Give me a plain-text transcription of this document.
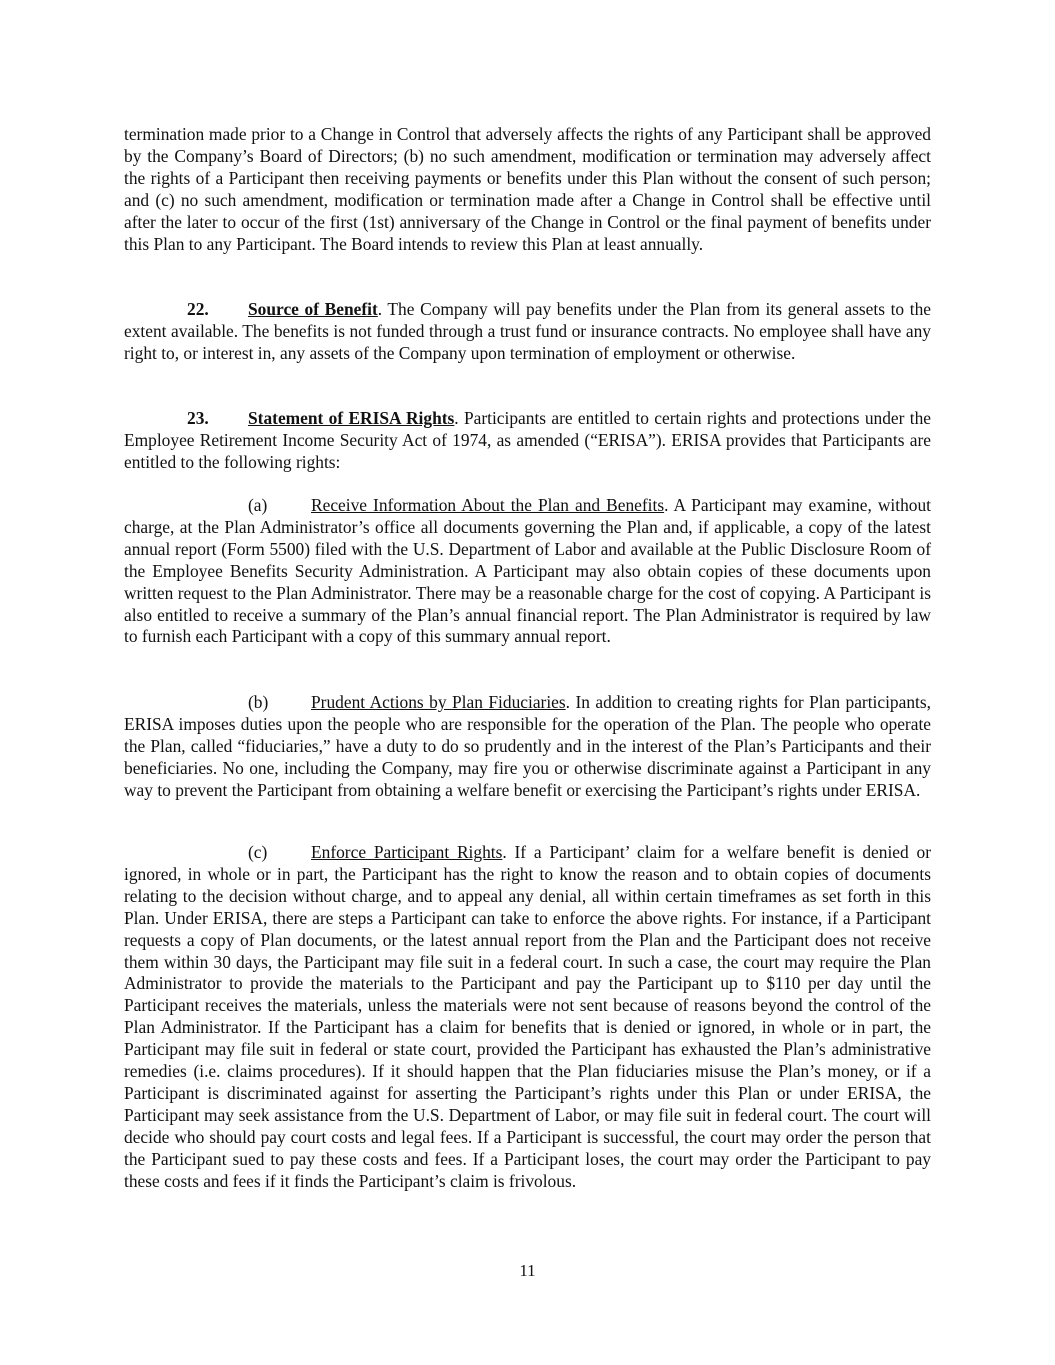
termination made prior to a Change in Control that adversely affects the rights of any Participant shall be approved by the Company’s Board of Directors; (b) no such amendment, modification or termination may adversely affect the rights of a Participant then receiving payments or benefits under this Plan without the consent of such person; and (c) no such amendment, modification or termination made after a Change in Control shall be effective until after the later to occur of the first (1st) anniversary of the Change in Control or the final payment of benefits under this Plan to any Participant. The Board intends to review this Plan at least annually.

22. Source of Benefit. The Company will pay benefits under the Plan from its general assets to the extent available. The benefits is not funded through a trust fund or insurance contracts. No employee shall have any right to, or interest in, any assets of the Company upon termination of employment or otherwise.

23. Statement of ERISA Rights. Participants are entitled to certain rights and protections under the Employee Retirement Income Security Act of 1974, as amended (“ERISA”). ERISA provides that Participants are entitled to the following rights:

(a)	Receive Information About the Plan and Benefits. A Participant may examine, without charge, at the Plan Administrator’s office all documents governing the Plan and, if applicable, a copy of the latest annual report (Form 5500) filed with the U.S. Department of Labor and available at the Public Disclosure Room of the Employee Benefits Security Administration. A Participant may also obtain copies of these documents upon written request to the Plan Administrator. There may be a reasonable charge for the cost of copying. A Participant is also entitled to receive a summary of the Plan’s annual financial report. The Plan Administrator is required by law to furnish each Participant with a copy of this summary annual report.

(b) Prudent Actions by Plan Fiduciaries. In addition to creating rights for Plan participants, ERISA imposes duties upon the people who are responsible for the operation of the Plan. The people who operate the Plan, called “fiduciaries,” have a duty to do so prudently and in the interest of the Plan’s Participants and their beneficiaries. No one, including the Company, may fire you or otherwise discriminate against a Participant in any way to prevent the Participant from obtaining a welfare benefit or exercising the Participant’s rights under ERISA.

(c)	Enforce Participant Rights. If a Participant’ claim for a welfare benefit is denied or ignored, in whole or in part, the Participant has the right to know the reason and to obtain copies of documents relating to the decision without charge, and to appeal any denial, all within certain timeframes as set forth in this Plan. Under ERISA, there are steps a Participant can take to enforce the above rights. For instance, if a Participant requests a copy of Plan documents, or the latest annual report from the Plan and the Participant does not receive them within 30 days, the Participant may file suit in a federal court. In such a case, the court may require the Plan Administrator to provide the materials to the Participant and pay the Participant up to $110 per day until the Participant receives the materials, unless the materials were not sent because of reasons beyond the control of the Plan Administrator. If the Participant has a claim for benefits that is denied or ignored, in whole or in part, the Participant may file suit in federal or state court, provided the Participant has exhausted the Plan’s administrative remedies (i.e. claims procedures). If it should happen that the Plan fiduciaries misuse the Plan’s money, or if a Participant is discriminated against for asserting the Participant’s rights under this Plan or under ERISA, the Participant may seek assistance from the U.S. Department of Labor, or may file suit in federal court. The court will decide who should pay court costs and legal fees. If a Participant is successful, the court may order the person that the Participant sued to pay these costs and fees. If a Participant loses, the court may order the Participant to pay these costs and fees if it finds the Participant’s claim is frivolous.

11
